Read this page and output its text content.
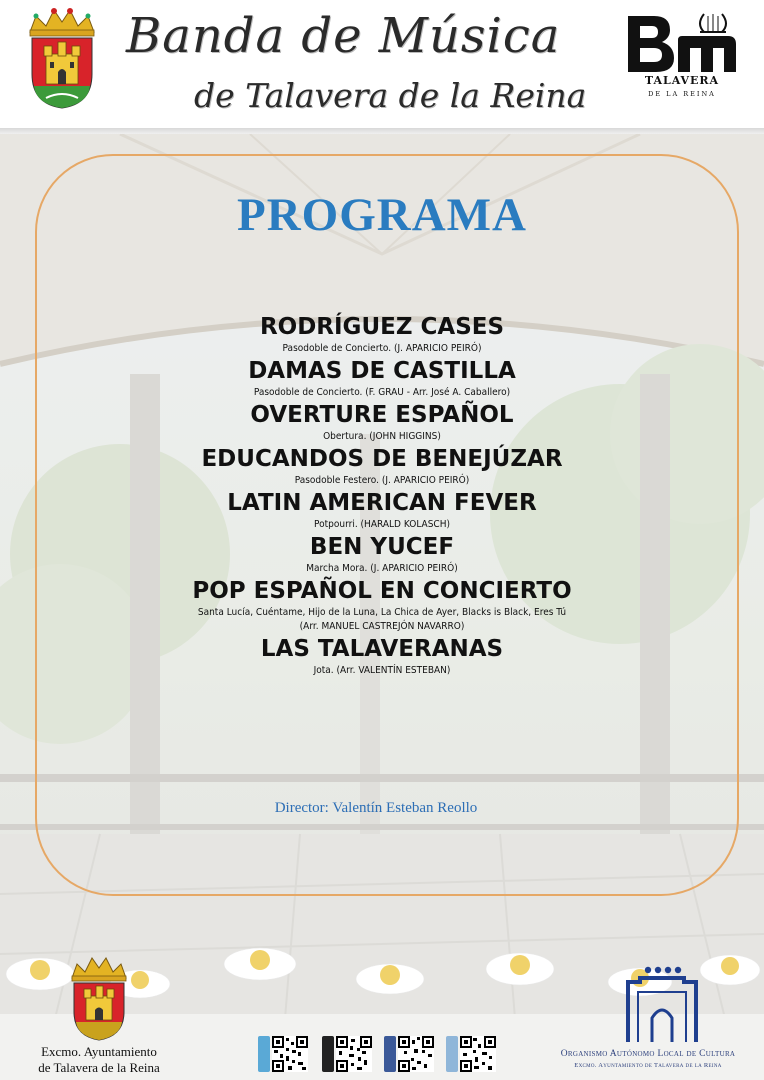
Banda de Música
de Talavera de la Reina	TALAVERA
DE LA REINA
PROGRAMA
RODRÍGUEZ CASES
Pasodoble de Concierto. (J. APARICIO PEIRÓ)
DAMAS DE CASTILLA
Pasodoble de Concierto. (F. GRAU - Arr. José A. Caballero)
OVERTURE ESPAÑOL
Obertura. (JOHN HIGGINS)
EDUCANDOS DE BENEJÚZAR
Pasodoble Festero. (J. APARICIO PEIRÓ)
LATIN AMERICAN FEVER
Potpourri. (HARALD KOLASCH)
BEN YUCEF
Marcha Mora. (J. APARICIO PEIRÓ)
POP ESPAÑOL EN CONCIERTO
Santa Lucía, Cuéntame, Hijo de la Luna, La Chica de Ayer, Blacks is Black, Eres Tú
(Arr. MANUEL CASTREJÓN NAVARRO)
LAS TALAVERANAS
Jota. (Arr. VALENTÍN ESTEBAN)
Director: Valentín Esteban Reollo
Excmo. Ayuntamiento
de Talavera de la Reina
Organismo Autónomo Local de Cultura
Excmo. Ayuntamiento de Talavera de la Reina
